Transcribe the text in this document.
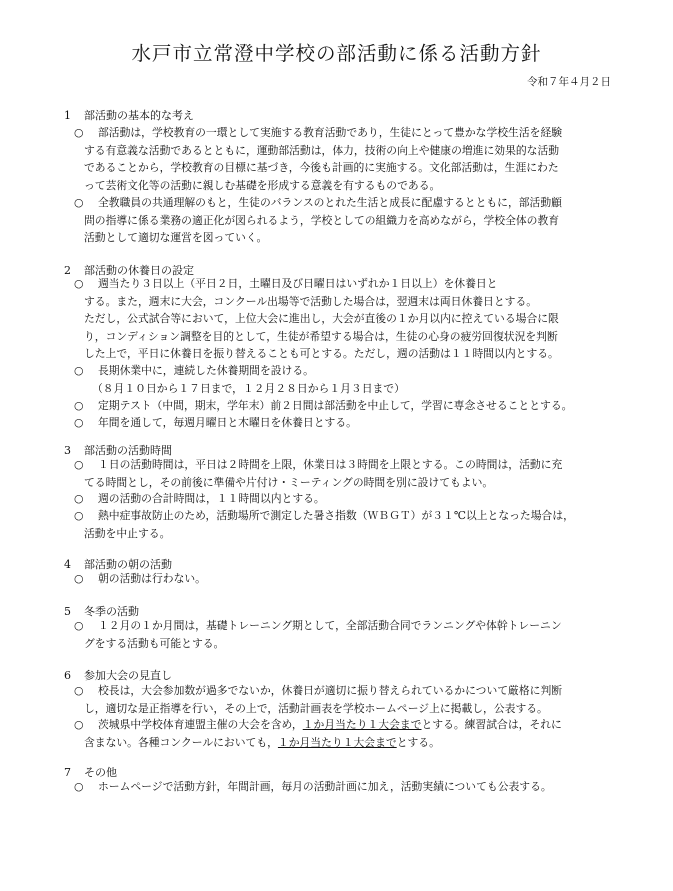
水戸市立常澄中学校の部活動に係る活動方針
令和７年４月２日
1 部活動の基本的な考え
○	部活動は，学校教育の一環として実施する教育活動であり，生徒にとって豊かな学校生活を経験
する有意義な活動であるとともに，運動部活動は，体力，技術の向上や健康の増進に効果的な活動
であることから，学校教育の目標に基づき，今後も計画的に実施する。文化部活動は，生涯にわた
って芸術文化等の活動に親しむ基礎を形成する意義を有するものである。
○	全教職員の共通理解のもと，生徒のバランスのとれた生活と成長に配慮するとともに，部活動顧
問の指導に係る業務の適正化が図られるよう，学校としての組織力を高めながら，学校全体の教育
活動として適切な運営を図っていく。
2 部活動の休養日の設定
○	週当たり３日以上（平日２日，土曜日及び日曜日はいずれか１日以上）を休養日と
する。また，週末に大会，コンクール出場等で活動した場合は，翌週末は両日休養日とする。
ただし，公式試合等において，上位大会に進出し，大会が直後の１か月以内に控えている場合に限
り，コンディション調整を目的として，生徒が希望する場合は，生徒の心身の疲労回復状況を判断
した上で，平日に休養日を振り替えることも可とする。ただし，週の活動は１１時間以内とする。
○	長期休業中に，連続した休養期間を設ける。
（８月１０日から１７日まで，１２月２８日から１月３日まで）
○	定期テスト（中間，期末，学年末）前２日間は部活動を中止して，学習に専念させることとする。
○	年間を通して，毎週月曜日と木曜日を休養日とする。
3 部活動の活動時間
○	１日の活動時間は，平日は２時間を上限，休業日は３時間を上限とする。この時間は，活動に充
てる時間とし，その前後に準備や片付け・ミーティングの時間を別に設けてもよい。
○	週の活動の合計時間は，１１時間以内とする。
○	熱中症事故防止のため，活動場所で測定した暑さ指数（ＷＢＧＴ）が３１℃以上となった場合は，
活動を中止する。
4 部活動の朝の活動
○	朝の活動は行わない。
5 冬季の活動
○	１２月の１か月間は，基礎トレーニング期として，全部活動合同でランニングや体幹トレーニン
グをする活動も可能とする。
6 参加大会の見直し
○	校長は，大会参加数が過多でないか，休養日が適切に振り替えられているかについて厳格に判断
し，適切な是正指導を行い，その上で，活動計画表を学校ホームページ上に掲載し，公表する。
○	茨城県中学校体育連盟主催の大会を含め，１か月当たり１大会までとする。練習試合は，それに
含まない。各種コンクールにおいても，１か月当たり１大会までとする。
7 その他
○	ホームページで活動方針，年間計画，毎月の活動計画に加え，活動実績についても公表する。
